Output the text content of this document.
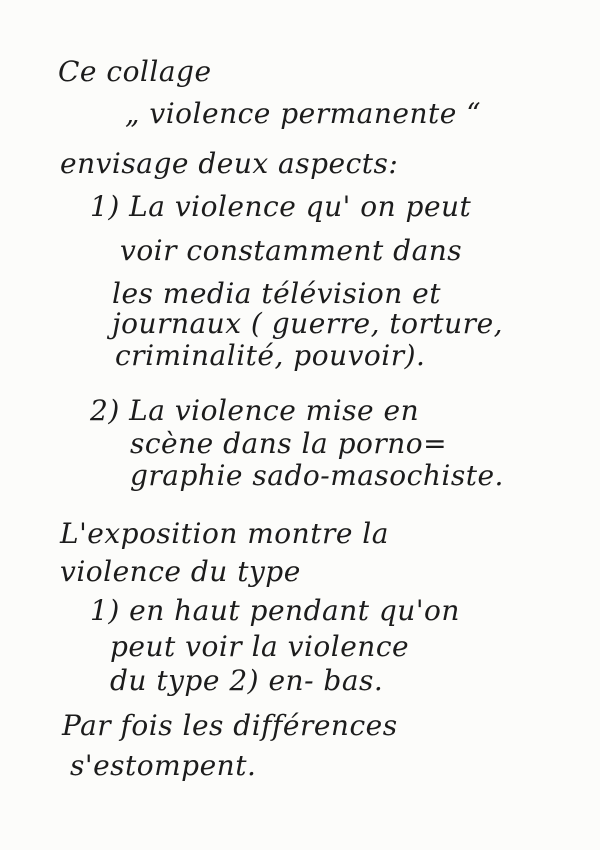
Ce collage

„ violence permanente “

envisage deux aspects:

1) La violence qu' on peut

voir constamment dans

les media télévision et

journaux ( guerre, torture,

criminalité, pouvoir).

2) La violence mise en

scène dans la porno=

graphie sado-masochiste.

L'exposition montre la

violence du type

1) en haut pendant qu'on

peut voir la violence

du type 2) en- bas.

Par fois les différences

s'estompent.
